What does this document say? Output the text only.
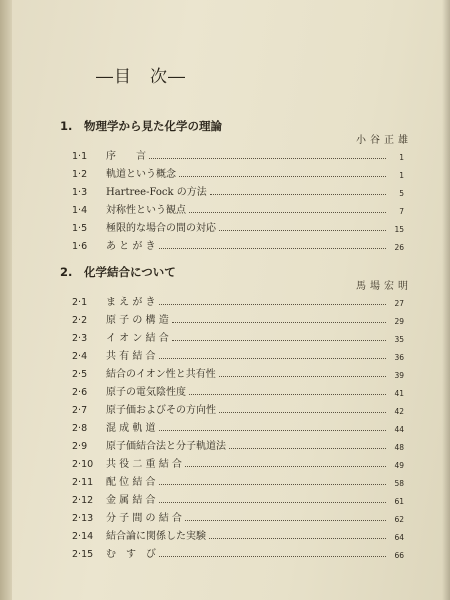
―目　次―
1. 物理学から見た化学の理論
小谷正雄
1·1	序　　言	1
1·2	軌道という概念	1
1·3	Hartree-Fock の方法	5
1·4	対称性という観点	7
1·5	極限的な場合の間の対応	15
1·6	あ と が き	26
2. 化学結合について
馬場宏明
2·1	ま え が き	27
2·2	原 子 の 構 造	29
2·3	イ オ ン 結 合	35
2·4	共 有 結 合	36
2·5	結合のイオン性と共有性	39
2·6	原子の電気陰性度	41
2·7	原子価およびその方向性	42
2·8	混 成 軌 道	44
2·9	原子価結合法と分子軌道法	48
2·10	共 役 二 重 結 合	49
2·11	配 位 結 合	58
2·12	金 属 結 合	61
2·13	分 子 間 の 結 合	62
2·14	結合論に関係した実験	64
2·15	む　す　び	66
